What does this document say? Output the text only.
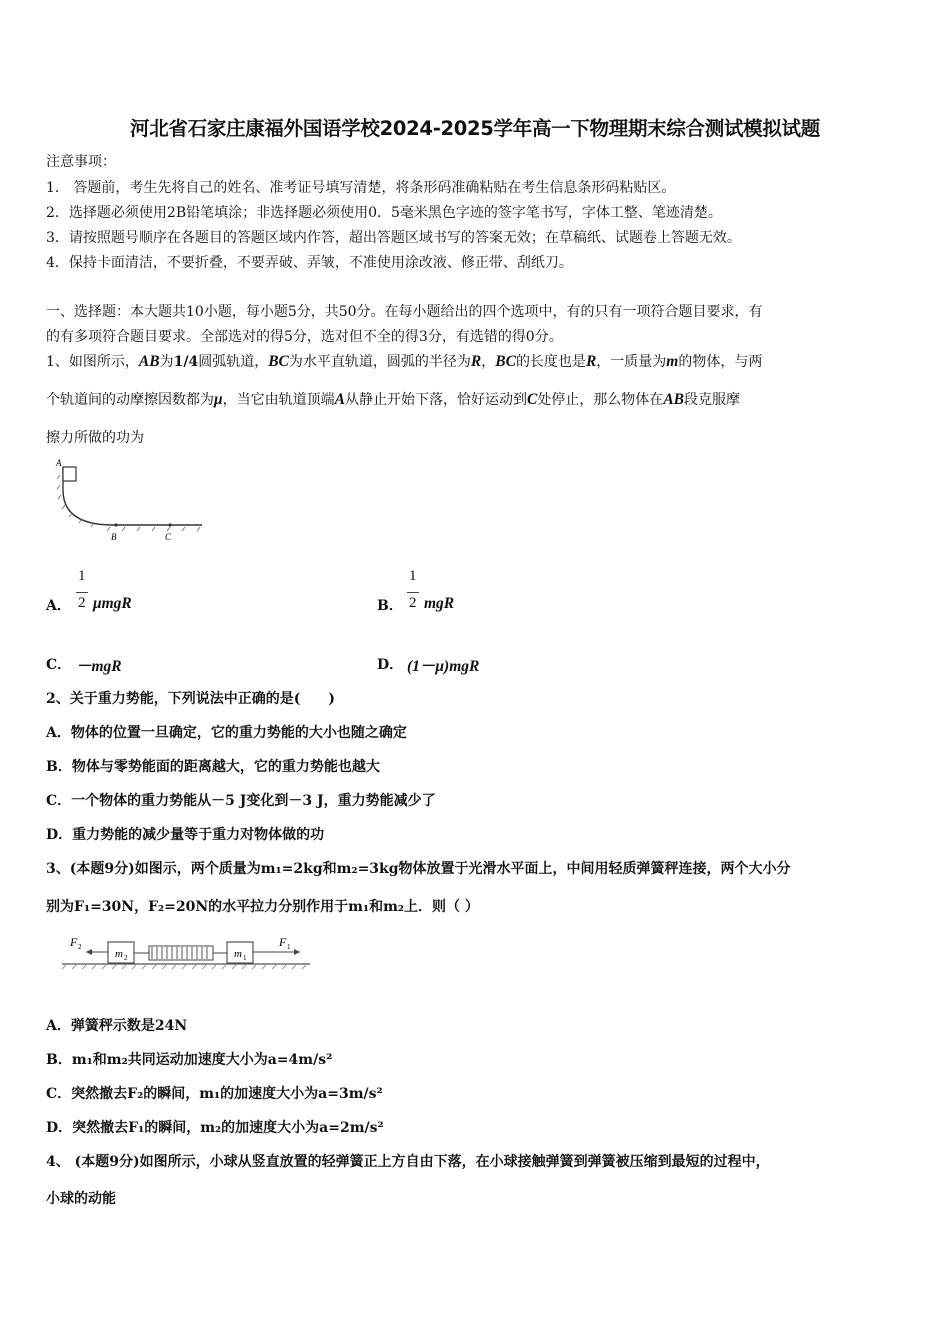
河北省石家庄康福外国语学校2024-2025学年高一下物理期末综合测试模拟试题
注意事项：
1． 答题前，考生先将自己的姓名、准考证号填写清楚，将条形码准确粘贴在考生信息条形码粘贴区。
2．选择题必须使用2B铅笔填涂；非选择题必须使用0．5毫米黑色字迹的签字笔书写，字体工整、笔迹清楚。
3．请按照题号顺序在各题目的答题区域内作答，超出答题区域书写的答案无效；在草稿纸、试题卷上答题无效。
4．保持卡面清洁，不要折叠，不要弄破、弄皱，不准使用涂改液、修正带、刮纸刀。
一、选择题：本大题共10小题，每小题5分，共50分。在每小题给出的四个选项中，有的只有一项符合题目要求，有
的有多项符合题目要求。全部选对的得5分，选对但不全的得3分，有选错的得0分。
1、如图所示，AB为1/4圆弧轨道，BC为水平直轨道，圆弧的半径为R，BC的长度也是R，一质量为m的物体，与两
个轨道间的动摩擦因数都为μ，当它由轨道顶端A从静止开始下落，恰好运动到C处停止，那么物体在AB段克服摩
擦力所做的功为
A
B	C
A．
1
2 μmgR	B．
1
2 mgR
C． －mgR	D． (1－μ)mgR
2、关于重力势能，下列说法中正确的是(　　)
A．物体的位置一旦确定，它的重力势能的大小也随之确定
B．物体与零势能面的距离越大，它的重力势能也越大
C．一个物体的重力势能从－5 J变化到－3 J，重力势能减少了
D．重力势能的减少量等于重力对物体做的功
3、(本题9分)如图示，两个质量为m₁=2kg和m₂=3kg物体放置于光滑水平面上，中间用轻质弹簧秤连接，两个大小分
别为F₁=30N，F₂=20N的水平拉力分别作用于m₁和m₂上．则（ ）
F 2
m 2	m 1
F 1
A．弹簧秤示数是24N
B．m₁和m₂共同运动加速度大小为a=4m/s²
C．突然撤去F₂的瞬间，m₁的加速度大小为a=3m/s²
D．突然撤去F₁的瞬间，m₂的加速度大小为a=2m/s²
4、 (本题9分)如图所示，小球从竖直放置的轻弹簧正上方自由下落，在小球接触弹簧到弹簧被压缩到最短的过程中，
小球的动能
